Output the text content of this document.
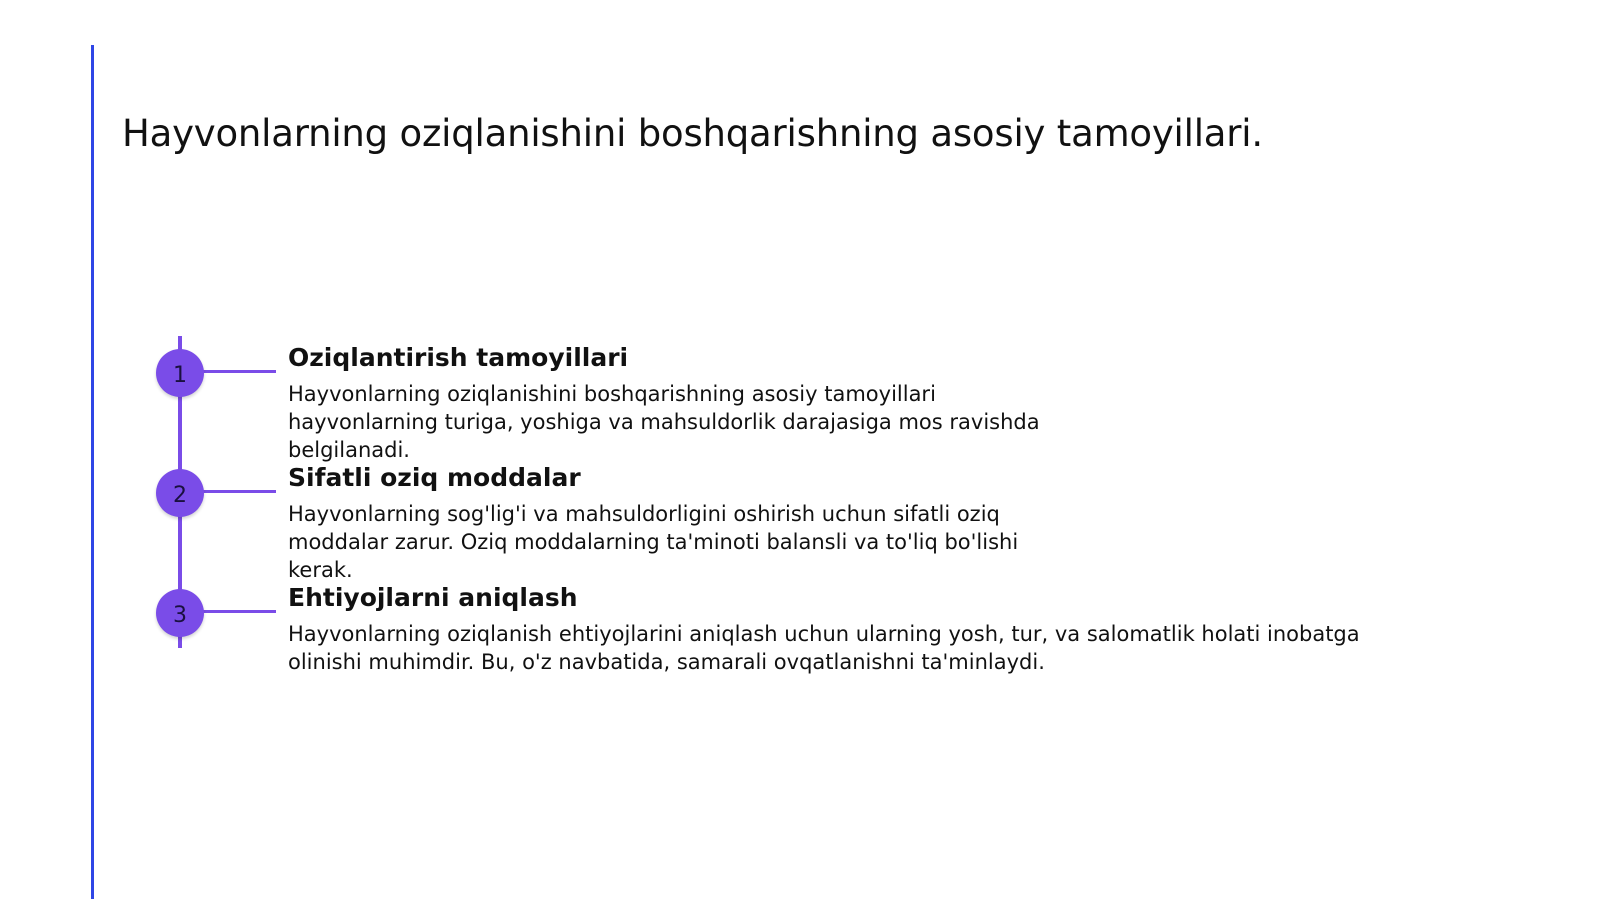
Hayvonlarning oziqlanishini boshqarishning asosiy tamoyillari.
1
Oziqlantirish tamoyillari

Hayvonlarning oziqlanishini boshqarishning asosiy tamoyillari hayvonlarning turiga, yoshiga va mahsuldorlik darajasiga mos ravishda belgilanadi.

2
Sifatli oziq moddalar

Hayvonlarning sog'lig'i va mahsuldorligini oshirish uchun sifatli oziq moddalar zarur. Oziq moddalarning ta'minoti balansli va to'liq bo'lishi kerak.

3
Ehtiyojlarni aniqlash

Hayvonlarning oziqlanish ehtiyojlarini aniqlash uchun ularning yosh, tur, va salomatlik holati inobatga olinishi muhimdir. Bu, o'z navbatida, samarali ovqatlanishni ta'minlaydi.
